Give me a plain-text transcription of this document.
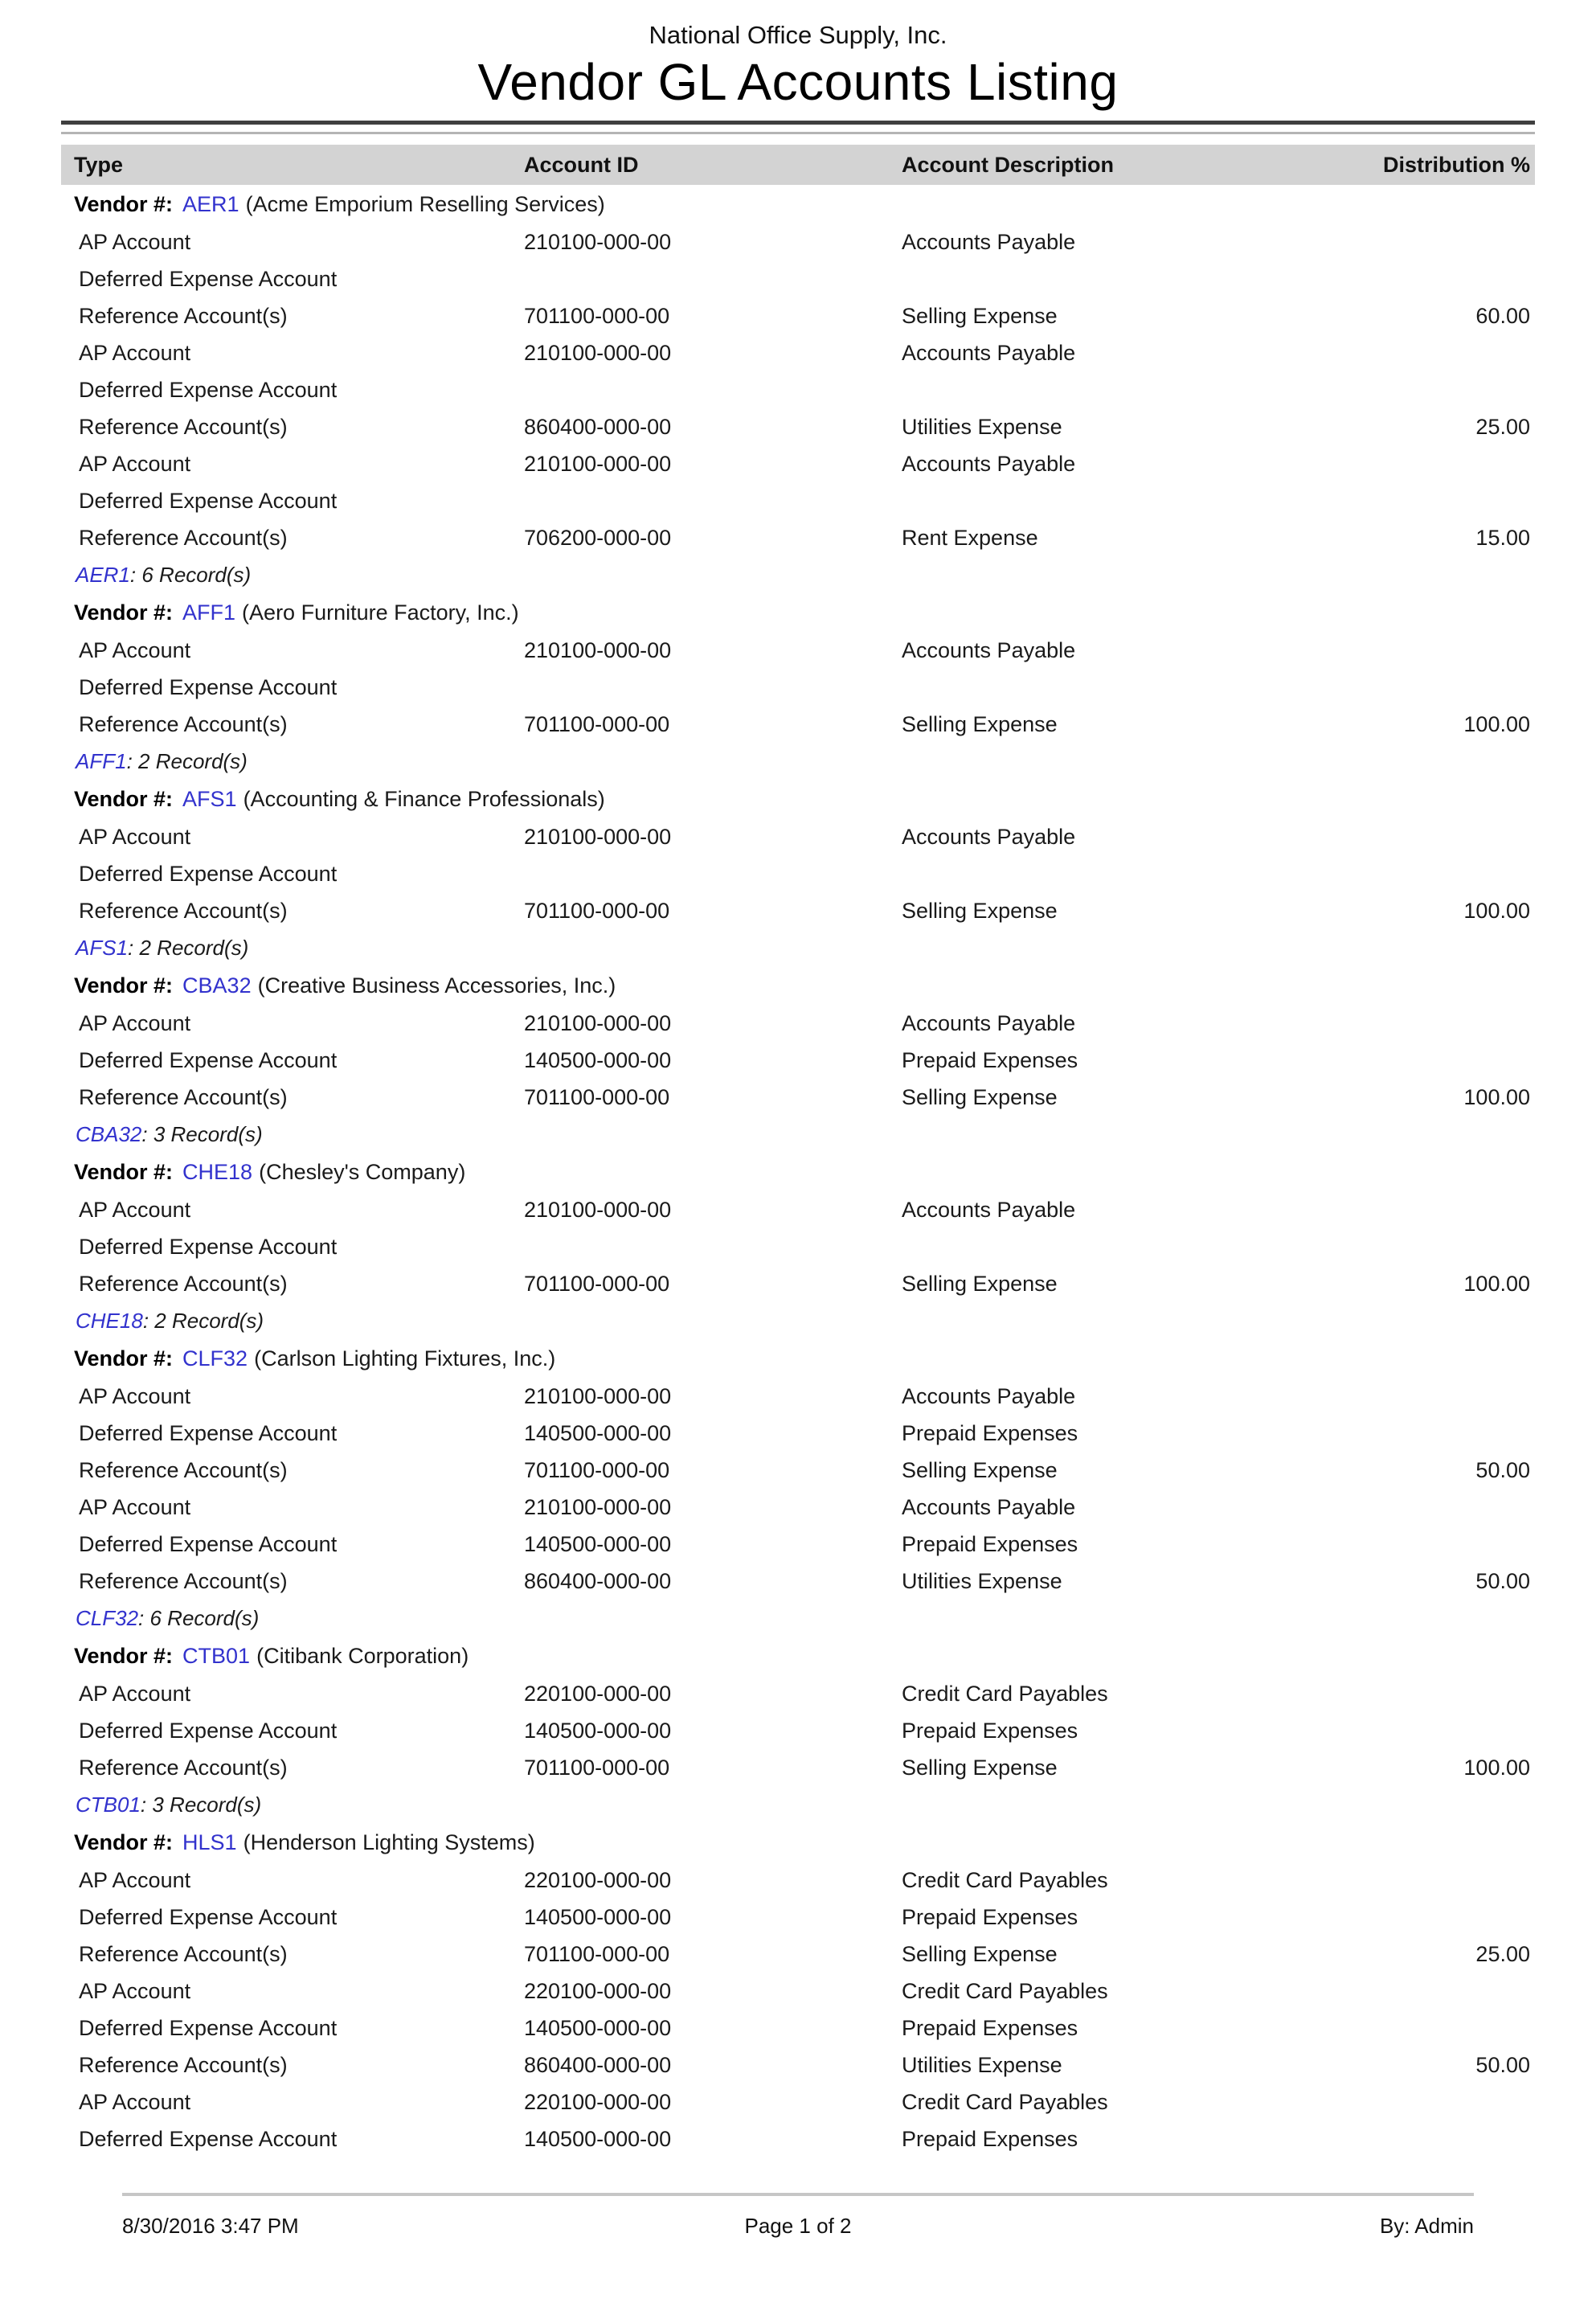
National Office Supply, Inc.
Vendor GL Accounts Listing
Type	Account ID	Account Description	Distribution %
Vendor #: AER1 (Acme Emporium Reselling Services)
AP Account	210100-000-00	Accounts Payable
Deferred Expense Account
Reference Account(s)	701100-000-00	Selling Expense	60.00
AP Account	210100-000-00	Accounts Payable
Deferred Expense Account
Reference Account(s)	860400-000-00	Utilities Expense	25.00
AP Account	210100-000-00	Accounts Payable
Deferred Expense Account
Reference Account(s)	706200-000-00	Rent Expense	15.00
AER1: 6 Record(s)
Vendor #: AFF1 (Aero Furniture Factory, Inc.)
AP Account	210100-000-00	Accounts Payable
Deferred Expense Account
Reference Account(s)	701100-000-00	Selling Expense	100.00
AFF1: 2 Record(s)
Vendor #: AFS1 (Accounting & Finance Professionals)
AP Account	210100-000-00	Accounts Payable
Deferred Expense Account
Reference Account(s)	701100-000-00	Selling Expense	100.00
AFS1: 2 Record(s)
Vendor #: CBA32 (Creative Business Accessories, Inc.)
AP Account	210100-000-00	Accounts Payable
Deferred Expense Account	140500-000-00	Prepaid Expenses
Reference Account(s)	701100-000-00	Selling Expense	100.00
CBA32: 3 Record(s)
Vendor #: CHE18 (Chesley's Company)
AP Account	210100-000-00	Accounts Payable
Deferred Expense Account
Reference Account(s)	701100-000-00	Selling Expense	100.00
CHE18: 2 Record(s)
Vendor #: CLF32 (Carlson Lighting Fixtures, Inc.)
AP Account	210100-000-00	Accounts Payable
Deferred Expense Account	140500-000-00	Prepaid Expenses
Reference Account(s)	701100-000-00	Selling Expense	50.00
AP Account	210100-000-00	Accounts Payable
Deferred Expense Account	140500-000-00	Prepaid Expenses
Reference Account(s)	860400-000-00	Utilities Expense	50.00
CLF32: 6 Record(s)
Vendor #: CTB01 (Citibank Corporation)
AP Account	220100-000-00	Credit Card Payables
Deferred Expense Account	140500-000-00	Prepaid Expenses
Reference Account(s)	701100-000-00	Selling Expense	100.00
CTB01: 3 Record(s)
Vendor #: HLS1 (Henderson Lighting Systems)
AP Account	220100-000-00	Credit Card Payables
Deferred Expense Account	140500-000-00	Prepaid Expenses
Reference Account(s)	701100-000-00	Selling Expense	25.00
AP Account	220100-000-00	Credit Card Payables
Deferred Expense Account	140500-000-00	Prepaid Expenses
Reference Account(s)	860400-000-00	Utilities Expense	50.00
AP Account	220100-000-00	Credit Card Payables
Deferred Expense Account	140500-000-00	Prepaid Expenses
8/30/2016 3:47 PM	Page 1 of 2	By: Admin
